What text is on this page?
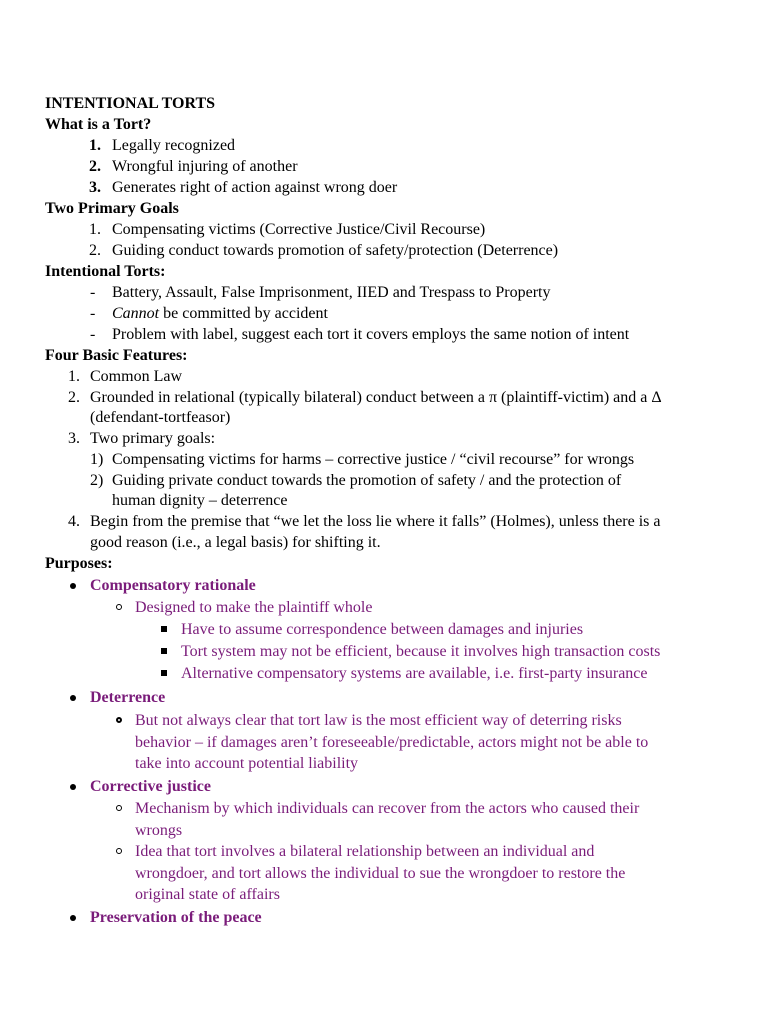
INTENTIONAL TORTS
What is a Tort?
1. Legally recognized
2. Wrongful injuring of another
3. Generates right of action against wrong doer
Two Primary Goals
1. Compensating victims (Corrective Justice/Civil Recourse)
2. Guiding conduct towards promotion of safety/protection (Deterrence)
Intentional Torts:
- Battery, Assault, False Imprisonment, IIED and Trespass to Property
- Cannot be committed by accident
- Problem with label, suggest each tort it covers employs the same notion of intent
Four Basic Features:
1. Common Law
2. Grounded in relational (typically bilateral) conduct between a π (plaintiff-victim) and a Δ
(defendant-tortfeasor)
3. Two primary goals:
1) Compensating victims for harms – corrective justice / “civil recourse” for wrongs
2) Guiding private conduct towards the promotion of safety / and the protection of
human dignity – deterrence
4. Begin from the premise that “we let the loss lie where it falls” (Holmes), unless there is a
good reason (i.e., a legal basis) for shifting it.
Purposes:
Compensatory rationale
Designed to make the plaintiff whole
Have to assume correspondence between damages and injuries
Tort system may not be efficient, because it involves high transaction costs
Alternative compensatory systems are available, i.e. first-party insurance
Deterrence
But not always clear that tort law is the most efficient way of deterring risks
behavior – if damages aren’t foreseeable/predictable, actors might not be able to
take into account potential liability
Corrective justice
Mechanism by which individuals can recover from the actors who caused their
wrongs
Idea that tort involves a bilateral relationship between an individual and
wrongdoer, and tort allows the individual to sue the wrongdoer to restore the
original state of affairs
Preservation of the peace
